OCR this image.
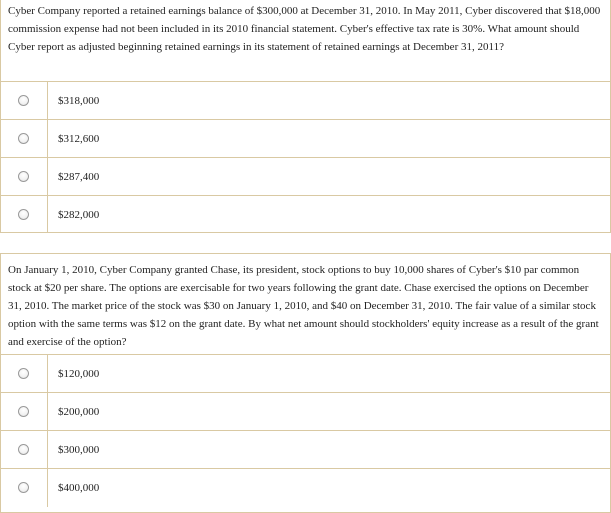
Cyber Company reported a retained earnings balance of $300,000 at December 31, 2010. In May 2011, Cyber discovered that $18,000 commission expense had not been included in its 2010 financial statement. Cyber's effective tax rate is 30%. What amount should Cyber report as adjusted beginning retained earnings in its statement of retained earnings at December 31, 2011?

$318,000
$312,600
$287,400
$282,000

On January 1, 2010, Cyber Company granted Chase, its president, stock options to buy 10,000 shares of Cyber's $10 par common stock at $20 per share. The options are exercisable for two years following the grant date. Chase exercised the options on December 31, 2010. The market price of the stock was $30 on January 1, 2010, and $40 on December 31, 2010. The fair value of a similar stock option with the same terms was $12 on the grant date. By what net amount should stockholders' equity increase as a result of the grant and exercise of the option?

$120,000
$200,000
$300,000
$400,000
